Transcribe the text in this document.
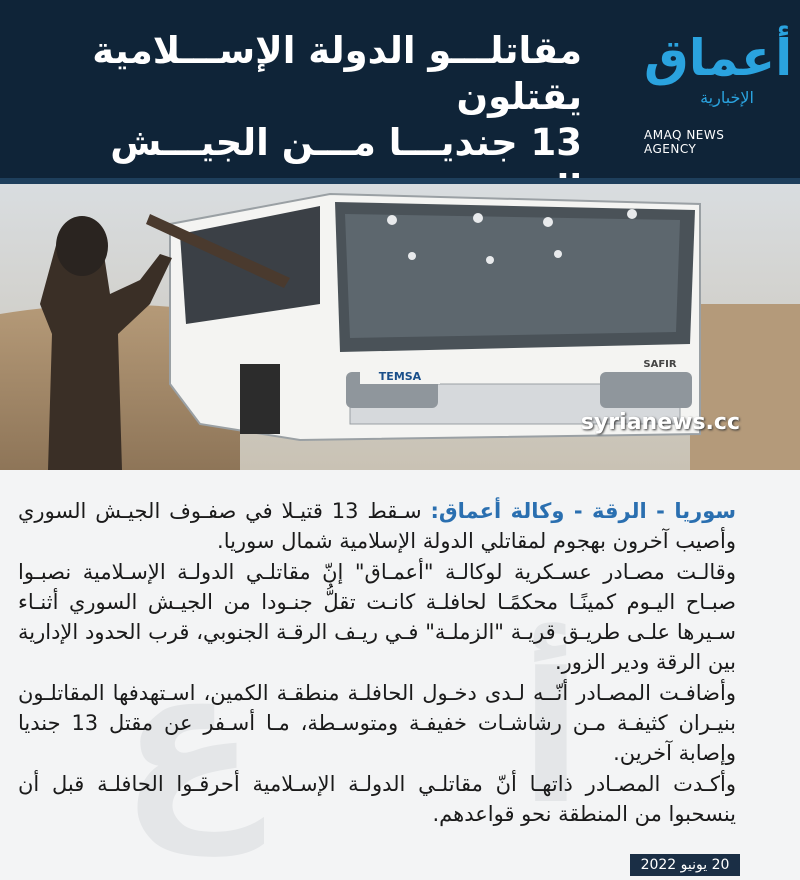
مقاتلـــو الدولة الإســـلامية يقتلون
13 جنديـــا مـــن الجيـــش
أعماق
الإخبارية
AMAQ NEWS AGENCY
TEMSA
SAFIR
syrianews.cc
ع أ
سوريا - الرقة - وكالة أعماق: سـقط 13 قتيـلا في صفـوف الجيـش السوري وأصيب آخرون بهجوم لمقاتلي الدولة الإسلامية شمال سوريا.
وقالـت مصـادر عسـكرية لوكالـة "أعمـاق" إنّ مقاتلـي الدولـة الإسـلامية نصبـوا صبـاح اليـوم كمينًـا محكمًـا لحافلـة كانـت تقلُّ جنـودا من الجيـش السوري أثنـاء سـيرها علـى طريـق قريـة "الزملـة" فـي ريـف الرقـة الجنوبي، قرب الحدود الإدارية بين الرقة ودير الزور.
وأضافـت المصـادر أنّــه لـدى دخـول الحافلـة منطقـة الكمين، اسـتهدفها المقاتلـون بنيـران كثيفـة مـن رشاشـات خفيفـة ومتوسـطة، مـا أسـفر عن مقتل 13 جنديا وإصابة آخرين.
وأكـدت المصـادر ذاتهـا أنّ مقاتلـي الدولـة الإسـلامية أحرقـوا الحافلـة قبل أن ينسحبوا من المنطقة نحو قواعدهم.
20 يونيو 2022
